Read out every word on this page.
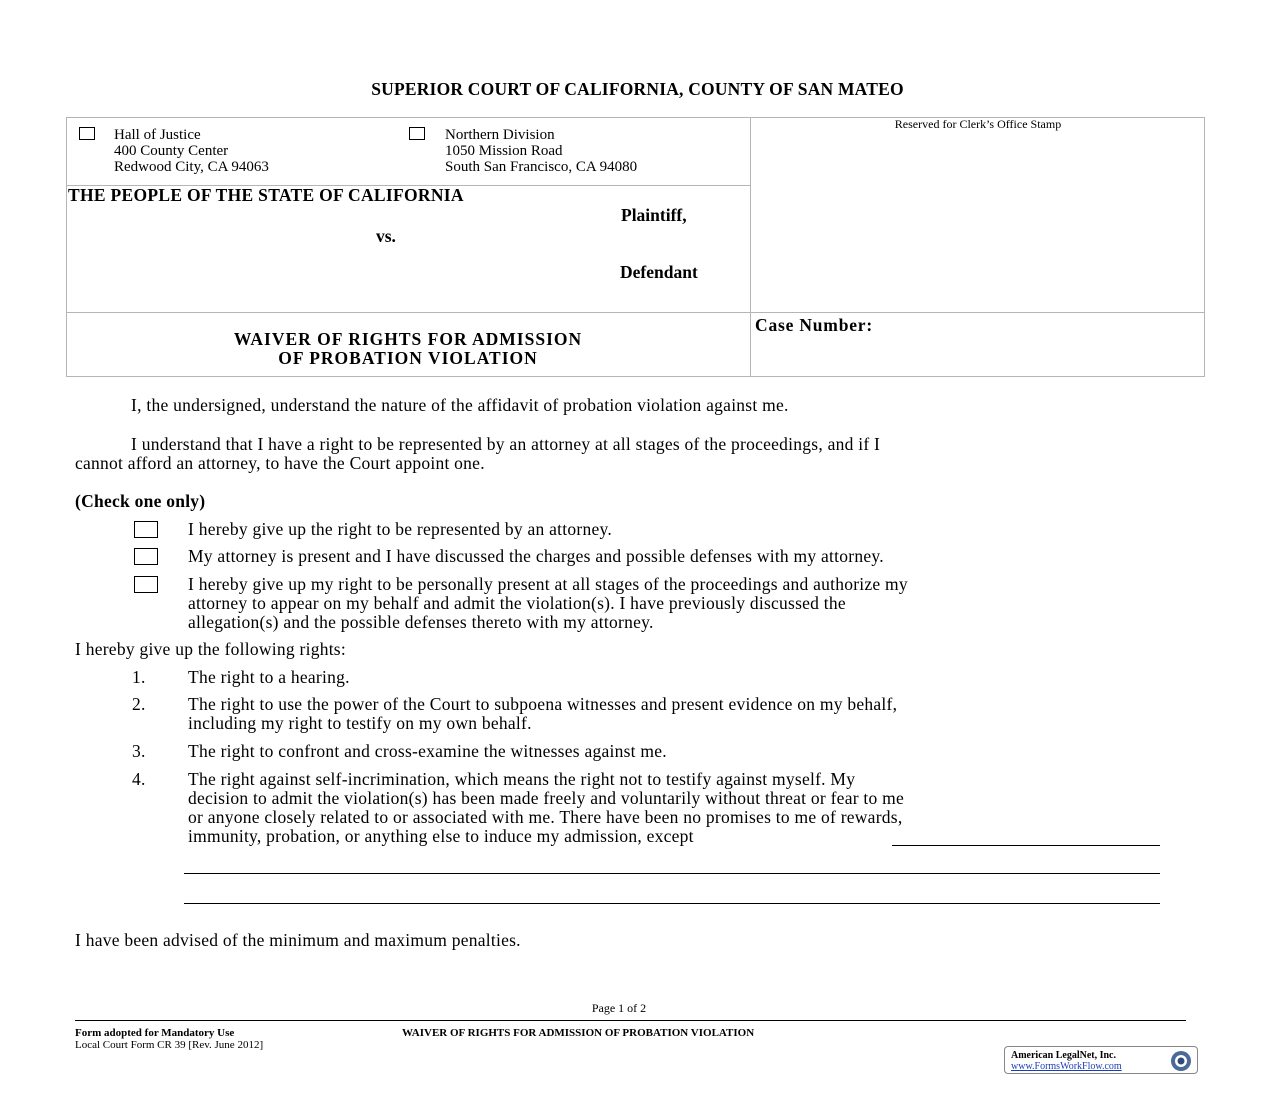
SUPERIOR COURT OF CALIFORNIA, COUNTY OF SAN MATEO
Hall of Justice
400 County Center
Redwood City, CA 94063
Northern Division
1050 Mission Road
South San Francisco, CA 94080
Reserved for Clerk’s Office Stamp
THE PEOPLE OF THE STATE OF CALIFORNIA
Plaintiff,
vs.
Defendant
WAIVER OF RIGHTS FOR ADMISSION
OF PROBATION VIOLATION
Case Number:
I, the undersigned, understand the nature of the affidavit of probation violation against me.
I understand that I have a right to be represented by an attorney at all stages of the proceedings, and if I
cannot afford an attorney, to have the Court appoint one.
(Check one only)
I hereby give up the right to be represented by an attorney.
My attorney is present and I have discussed the charges and possible defenses with my attorney.
I hereby give up my right to be personally present at all stages of the proceedings and authorize my
attorney to appear on my behalf and admit the violation(s). I have previously discussed the
allegation(s) and the possible defenses thereto with my attorney.
I hereby give up the following rights:
1. The right to a hearing.
2. The right to use the power of the Court to subpoena witnesses and present evidence on my behalf,
including my right to testify on my own behalf.
3. The right to confront and cross-examine the witnesses against me.
4. The right against self-incrimination, which means the right not to testify against myself. My
decision to admit the violation(s) has been made freely and voluntarily without threat or fear to me
or anyone closely related to or associated with me. There have been no promises to me of rewards,
immunity, probation, or anything else to induce my admission, except
I have been advised of the minimum and maximum penalties.
Page 1 of 2
Form adopted for Mandatory Use
Local Court Form CR 39 [Rev. June 2012]
WAIVER OF RIGHTS FOR ADMISSION OF PROBATION VIOLATION
American LegalNet, Inc.
www.FormsWorkFlow.com
